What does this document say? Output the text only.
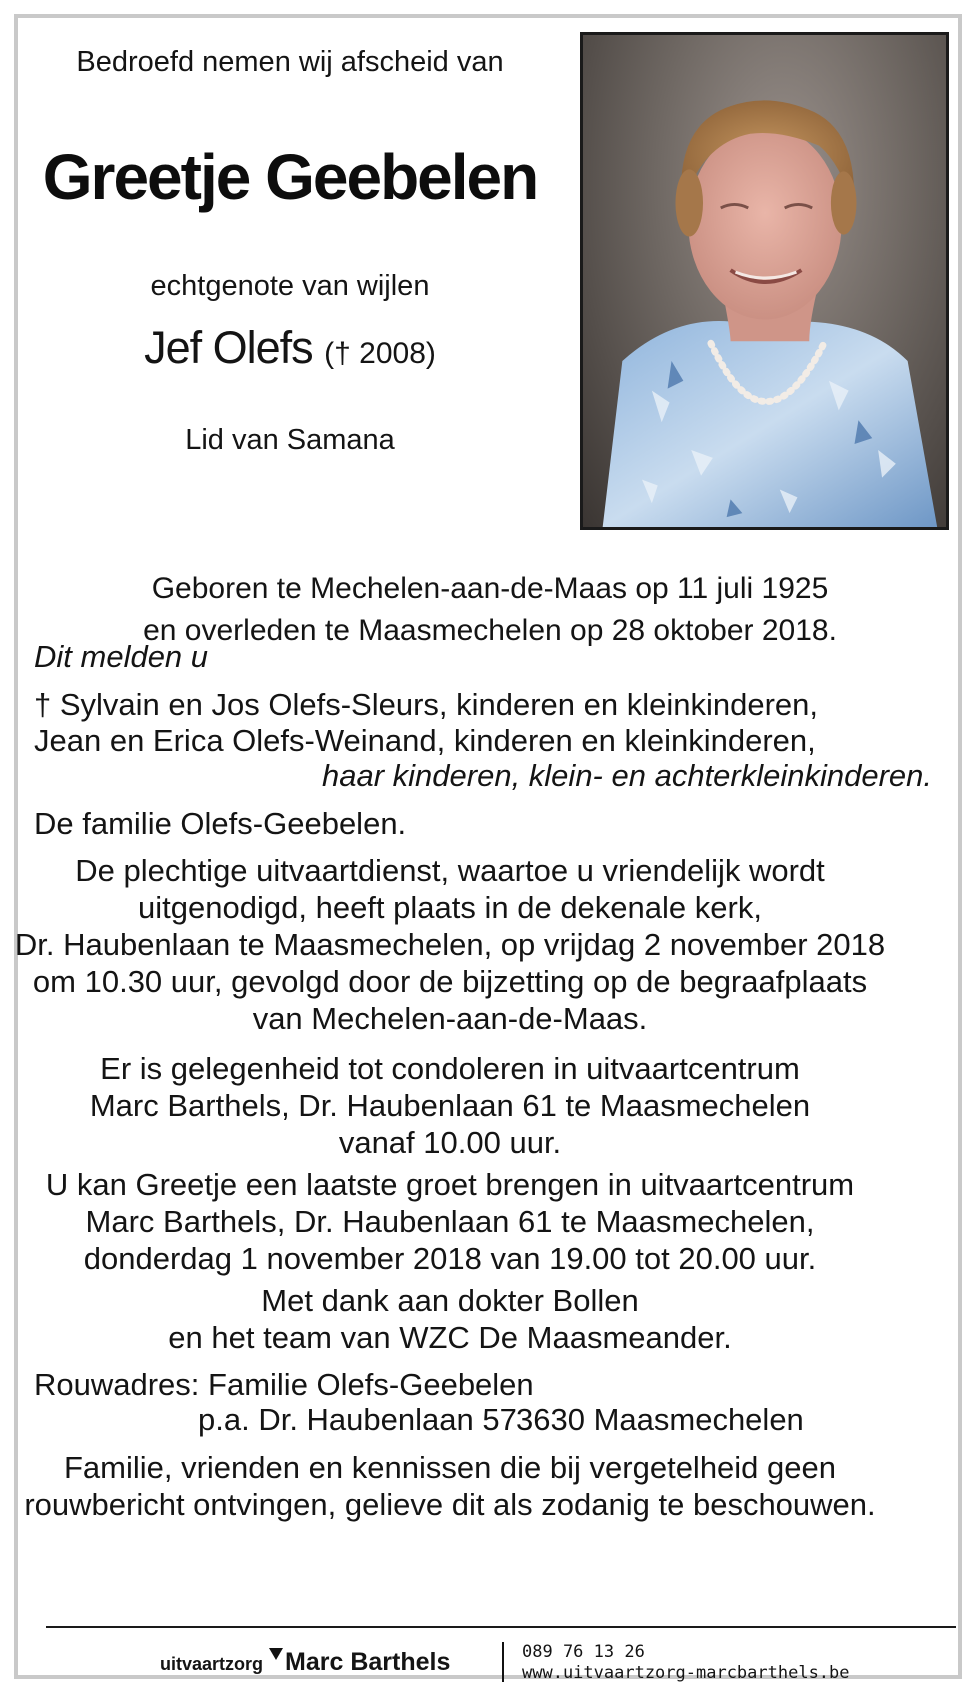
Bedroefd nemen wij afscheid van
Greetje Geebelen
echtgenote van wijlen
Jef Olefs († 2008)
Lid van Samana
Geboren te Mechelen-aan-de-Maas op 11 juli 1925
en overleden te Maasmechelen op 28 oktober 2018.
Dit melden u
† Sylvain en Jos Olefs-Sleurs, kinderen en kleinkinderen,
Jean en Erica Olefs-Weinand, kinderen en kleinkinderen,
haar kinderen, klein- en achterkleinkinderen.
De familie Olefs-Geebelen.
De plechtige uitvaartdienst, waartoe u vriendelijk wordt
uitgenodigd, heeft plaats in de dekenale kerk,
Dr. Haubenlaan te Maasmechelen, op vrijdag 2 november 2018
om 10.30 uur, gevolgd door de bijzetting op de begraafplaats
van Mechelen-aan-de-Maas.
Er is gelegenheid tot condoleren in uitvaartcentrum
Marc Barthels, Dr. Haubenlaan 61 te Maasmechelen
vanaf 10.00 uur.
U kan Greetje een laatste groet brengen in uitvaartcentrum
Marc Barthels, Dr. Haubenlaan 61 te Maasmechelen,
donderdag 1 november 2018 van 19.00 tot 20.00 uur.
Met dank aan dokter Bollen
en het team van WZC De Maasmeander.
Rouwadres: Familie Olefs-Geebelen
p.a. Dr. Haubenlaan 57 3630 Maasmechelen
Familie, vrienden en kennissen die bij vergetelheid geen
rouwbericht ontvingen, gelieve dit als zodanig te beschouwen.
uitvaartzorg Marc Barthels	089 76 13 26
www.uitvaartzorg-marcbarthels.be
